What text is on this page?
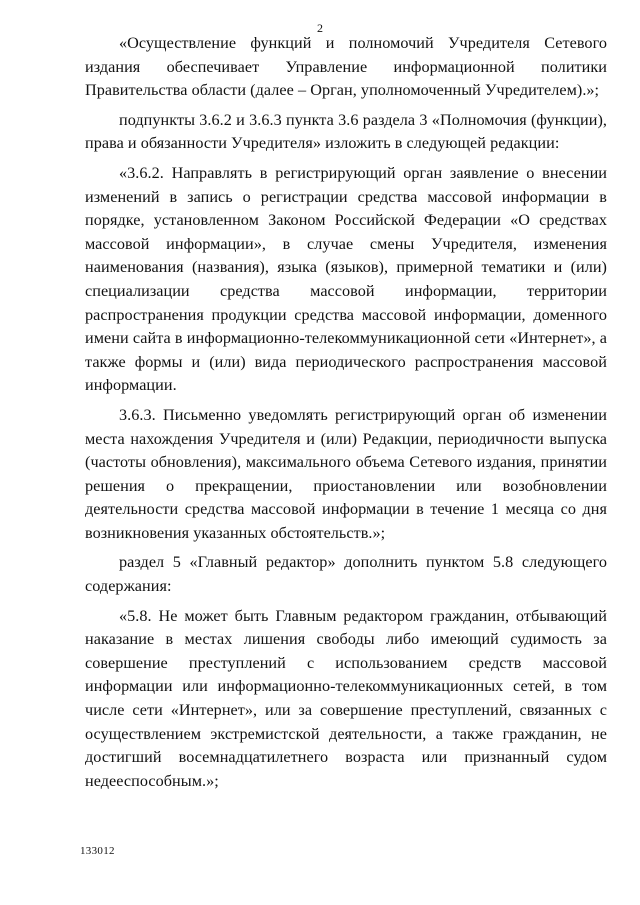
2

«Осуществление функций и полномочий Учредителя Сетевого издания обеспечивает Управление информационной политики Правительства области (далее – Орган, уполномоченный Учредителем).»;

подпункты 3.6.2 и 3.6.3 пункта 3.6 раздела 3 «Полномочия (функции), права и обязанности Учредителя» изложить в следующей редакции:

«3.6.2. Направлять в регистрирующий орган заявление о внесении изменений в запись о регистрации средства массовой информации в порядке, установленном Законом Российской Федерации «О средствах массовой информации», в случае смены Учредителя, изменения наименования (названия), языка (языков), примерной тематики и (или) специализации средства массовой информации, территории распространения продукции средства массовой информации, доменного имени сайта в информационно-телекоммуникационной сети «Интернет», а также формы и (или) вида периодического распространения массовой информации.

3.6.3. Письменно уведомлять регистрирующий орган об изменении места нахождения Учредителя и (или) Редакции, периодичности выпуска (частоты обновления), максимального объема Сетевого издания, принятии решения о прекращении, приостановлении или возобновлении деятельности средства массовой информации в течение 1 месяца со дня возникновения указанных обстоятельств.»;

раздел 5 «Главный редактор» дополнить пунктом 5.8 следующего содержания:

«5.8. Не может быть Главным редактором гражданин, отбывающий наказание в местах лишения свободы либо имеющий судимость за совершение преступлений с использованием средств массовой информации или информационно-телекоммуникационных сетей, в том числе сети «Интернет», или за совершение преступлений, связанных с осуществлением экстремистской деятельности, а также гражданин, не достигший восемнадцатилетнего возраста или признанный судом недееспособным.»;

133012
